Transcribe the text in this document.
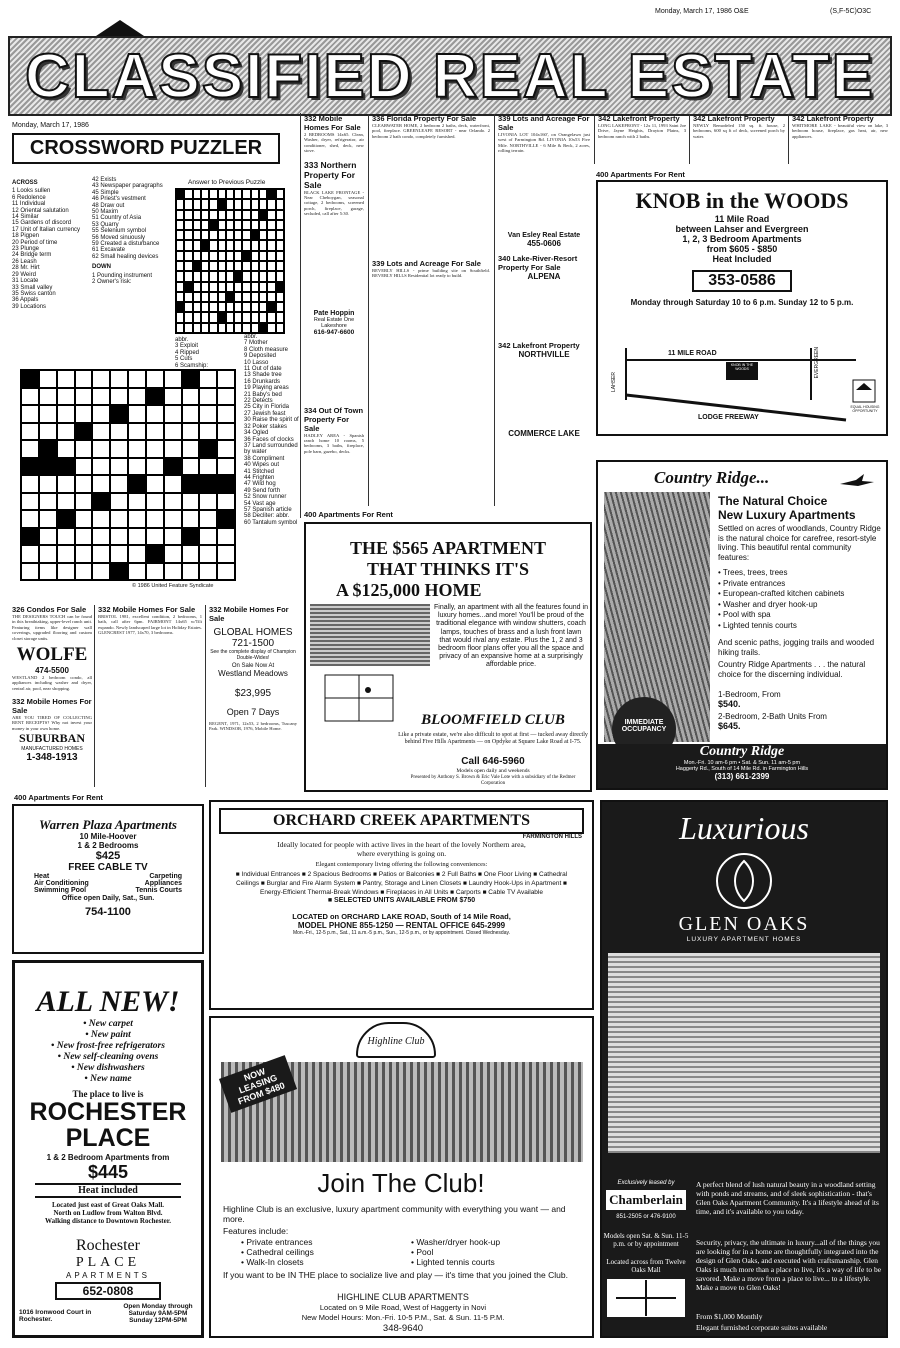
Monday, March 17, 1986 O&E	(S,F-5C)O3C
CLASSIFIED REAL ESTATE
Monday, March 17, 1986
CROSSWORD PUZZLER
ACROSS
1 Looks sullen
6 Redolence
11 Individual
12 Oriental salutation
14 Similar
15 Gardens of discord
17 Unit of Italian currency
18 Pigpen
20 Period of time
23 Plunge
24 Bridge term
26 Leash
28 Mr. Hirt
29 Weird
31 Locate
33 Small valley
35 Swiss canton
36 Appals
39 Locations
42 Exists
43 Newspaper paragraphs
45 Simple
46 Priest's vestment
48 Draw out
50 Maxim
51 Country of Asia
53 Quarry
55 Selenium symbol
56 Moved sinuously
59 Created a disturbance
61 Excavate
62 Small healing devices
DOWN
1 Pounding instrument
2 Owner's risk:
Answer to Previous Puzzle
abbr.
3 Exploit
4 Ripped
5 Cuts
6 Scamship:
abbr.
7 Mother
8 Cloth measure
9 Deposited
10 Lasso
11 Out of date
13 Shade tree
16 Drunkards
19 Playing areas
21 Baby's bed
22 Detects
25 City in Florida
27 Jewish feast
30 Raise the spirit of
32 Poker stakes
34 Ogled
36 Faces of clocks
37 Land surrounded by water
38 Compliment
40 Wipes out
41 Stitched
44 Frighten
47 Wild hog
49 Send forth
52 Snow runner
54 Vast age
57 Spanish article
58 Decliter: abbr.
60 Tantalum symbol
© 1986 United Feature Syndicate
332 Mobile Homes For Sale
2 BEDROOMS 14x65. Clean, Washer, dryer, refrigerator, air conditioner, shed, deck, new stove.
333 Northern Property For Sale
BLACK LAKE FRONTAGE - Near Cheboygan, seasonal cottage, 2 bedrooms, screened porch, fireplace, garage, secluded, call after 5:30.
Pate Hoppin
Real Estate One Lakeshore
616-947-6600
334 Out Of Town Property For Sale
HADLEY AREA - Spanish ranch home 10 rooms, 5 bedrooms, 3 baths, fireplace, pole barn, gazebo, decks.
336 Florida Property For Sale
CLEARWATER HOME, 2 bedroom 2 baths, deck, waterfront, pool, fireplace. GREENLEAFE RESORT - near Orlando. 2 bedroom 2 bath condo, completely furnished.
339 Lots and Acreage For Sale
BEVERLY HILLS - prime building site on Southfield. BEVERLY HILLS Residential lot ready to build.
339 Lots and Acreage For Sale
LIVONIA LOT 104x160', on Orangelawn just west of Farmington Rd. LIVONIA 10x53 Five Mile. NORTHVILLE - 6 Mile & Beck, 2 acres, rolling terrain.
Van Esley Real Estate
455-0606
340 Lake-River-Resort Property For Sale
ALPENA
342 Lakefront Property
NORTHVILLE
COMMERCE LAKE
342 Lakefront Property
LONG LAKEFRONT - 12x 11, 1993 Saint Joe Drive, Jayne Heights, Drayton Plains, 3 bedroom ranch with 2 baths.
342 Lakefront Property
NEWLY Remodeled 150 sq. ft. house, 2 bedrooms, 600 sq ft of deck, screened porch by water.
342 Lakefront Property
WHITMORE LAKE - beautiful view on lake, 3 bedroom house, fireplace, gas heat, air, new appliances.
400 Apartments For Rent
KNOB in the WOODS
11 Mile Road
between Lahser and Evergreen
1, 2, 3 Bedroom Apartments
from $605 - $850
Heat Included
353-0586
Monday through Saturday 10 to 6 p.m. Sunday 12 to 5 p.m.
11 MILE ROAD
LODGE FREEWAY
LAHSER
EVERGREEN
KNOB IN THE WOODS
EQUAL HOUSING OPPORTUNITY
Country Ridge...
The Natural Choice
New Luxury Apartments
Settled on acres of woodlands, Country Ridge is the natural choice for carefree, resort-style living. This beautiful rental community features:
• Trees, trees, trees
• Private entrances
• European-crafted kitchen cabinets
• Washer and dryer hook-up
• Pool with spa
• Lighted tennis courts
And scenic paths, jogging trails and wooded hiking trails.
Country Ridge Apartments . . . the natural choice for the discerning individual.
1-Bedroom, From
$540.
2-Bedroom, 2-Bath Units From
$645.
IMMEDIATE OCCUPANCY
Country Ridge
Mon.-Fri. 10 am-6 pm • Sat. & Sun. 11 am-5 pm
Haggerty Rd., South of 14 Mile Rd. in Farmington Hills
(313) 661-2399
400 Apartments For Rent
THE $565 APARTMENT
THAT THINKS IT'S
A $125,000 HOME
Finally, an apartment with all the features found in luxury homes...and more! You'll be proud of the traditional elegance with window shutters, coach lamps, touches of brass and a lush front lawn that would rival any estate. Plus the 1, 2 and 3 bedroom floor plans offer you all the space and privacy of an expansive home at a surprisingly affordable price.
BLOOMFIELD CLUB
Like a private estate, we're also difficult to spot at first — tucked away directly behind Five Hills Apartments — on Opdyke at Square Lake Road at I-75.
Call 646-5960
Models open daily and weekends
Presented by Anthony S. Brown & Eric Vale Lote with a subsidiary of the Redmer Corporation
326 Condos For Sale
THE DESIGNERS TOUCH can be found in this breathtaking, upper-level ranch unit. Featuring items like designer wall coverings, upgraded flooring and custom closet storage units.
WOLFE
474-5500
WESTLAND 2 bedroom condo, all appliances including washer and dryer, central air, pool, near shopping.
332 Mobile Homes For Sale
ARE YOU TIRED OF COLLECTING RENT RECEIPTS? Why not invest your money in your own home.
SUBURBAN
MANUFACTURED HOMES
1-348-1913
332 Mobile Homes For Sale
BRISTOL 1981, excellent condition, 2 bedrooms, 1 bath, call after 6pm. FAIRMONT 14x65 w/Tilt expando. Newly landscaped large lot in Holiday Estates. GLENCREST 1977, 14x70, 3 bedrooms.
332 Mobile Homes For Sale
GLOBAL HOMES
721-1500
See the complete display of Champion Double-Wides!
On Sale Now At
Westland Meadows
$23,995
Open 7 Days
REGENT, 1971, 12x53, 2 bedrooms, Tuscany Park. WINDSOR, 1976, Mobile Home.
400 Apartments For Rent
Warren Plaza Apartments
10 Mile-Hoover
1 & 2 Bedrooms
$425
FREE CABLE TV
Heat	Carpeting
Air Conditioning	Appliances
Swimming Pool	Tennis Courts
Office open Daily, Sat., Sun.
754-1100
ALL NEW!
• New carpet
• New paint
• New frost-free refrigerators
• New self-cleaning ovens
• New dishwashers
• New name
The place to live is
ROCHESTER
PLACE
1 & 2 Bedroom Apartments from
$445
Heat included
Located just east of Great Oaks Mall.
North on Ludlow from Walton Blvd.
Walking distance to Downtown Rochester.
Rochester
PLACE
APARTMENTS
652-0808
1016 Ironwood Court in Rochester.
Open Monday through
Saturday 9AM-5PM
Sunday 12PM-5PM
ORCHARD CREEK APARTMENTS
FARMINGTON HILLS
Ideally located for people with active lives in the heart of the lovely Northern area, where everything is going on.
Elegant contemporary living offering the following conveniences:
■ Individual Entrances ■ 2 Spacious Bedrooms ■ Patios or Balconies ■ 2 Full Baths ■ One Floor Living ■ Cathedral Ceilings ■ Burglar and Fire Alarm System ■ Pantry, Storage and Linen Closets ■ Laundry Hook-Ups in Apartment ■ Energy-Efficient Thermal-Break Windows ■ Fireplaces in All Units ■ Carports ■ Cable TV Available
■ SELECTED UNITS AVAILABLE FROM $750
LOCATED on ORCHARD LAKE ROAD, South of 14 Mile Road,
MODEL PHONE 855-1250 — RENTAL OFFICE 645-2999
Mon.-Fri., 12-5 p.m., Sat., 11 a.m.-5 p.m., Sun., 12-5 p.m., or by appointment. Closed Wednesday.
Highline Club
NOW LEASING FROM $480
Join The Club!
Highline Club is an exclusive, luxury apartment community with everything you want — and more.
Features include:
• Private entrances
• Cathedral ceilings
• Walk-In closets
• Washer/dryer hook-up
• Pool
• Lighted tennis courts
If you want to be IN THE place to socialize live and play — it's time that you joined the Club.
HIGHLINE CLUB APARTMENTS
Located on 9 Mile Road, West of Haggerty in Novi
New Model Hours: Mon.-Fri. 10-5 P.M., Sat. & Sun. 11-5 P.M.
348-9640
Luxurious
GLEN OAKS
LUXURY APARTMENT HOMES
Exclusively leased by
Chamberlain
851-2505 or 476-9100
Models open Sat. & Sun. 11-5 p.m. or by appointment
Located across from Twelve Oaks Mall
A perfect blend of lush natural beauty in a woodland setting with ponds and streams, and of sleek sophistication - that's Glen Oaks Apartment Community. It's a lifestyle ahead of its time, and it's available to you today.
Security, privacy, the ultimate in luxury...all of the things you are looking for in a home are thoughtfully integrated into the design of Glen Oaks, and executed with craftsmanship. Glen Oaks is much more than a place to live, it's a way of life to be savored. Make a move from a place to live... to a lifestyle. Make a move to Glen Oaks!
From $1,000 Monthly
Elegant furnished corporate suites available
